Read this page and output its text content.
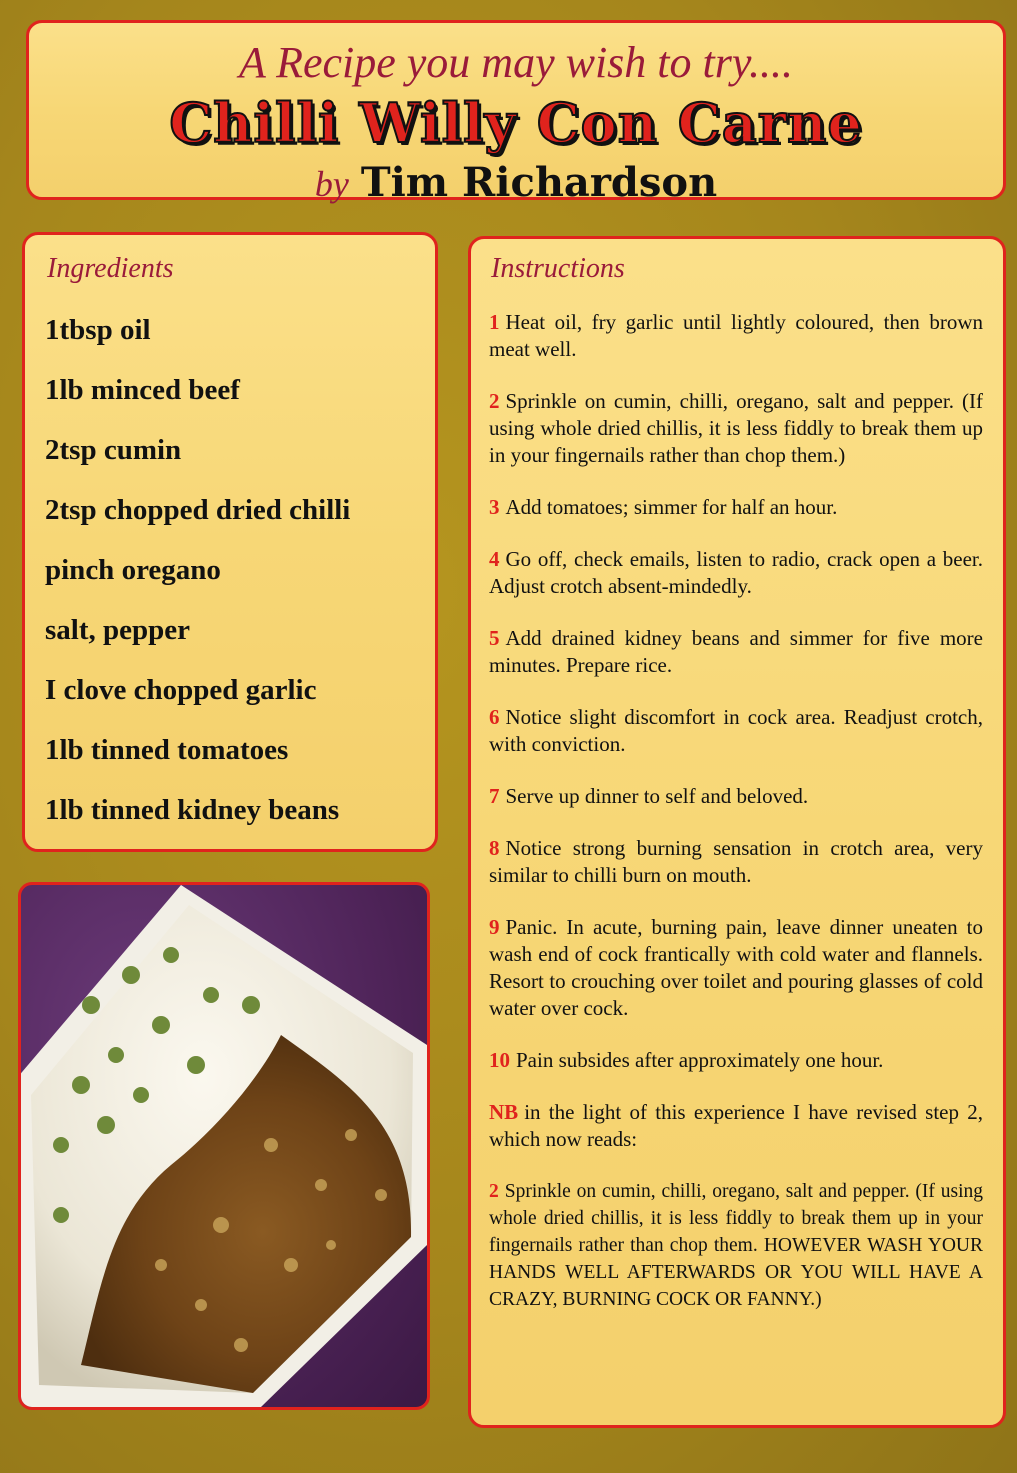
A Recipe you may wish to try....
Chilli Willy Con Carne
by Tim Richardson
Ingredients
1tbsp oil
1lb minced beef
2tsp cumin
2tsp chopped dried chilli
pinch oregano
salt, pepper
I clove chopped garlic
1lb tinned tomatoes
1lb tinned kidney beans
Instructions

1 Heat oil, fry garlic until lightly coloured, then brown meat well.

2 Sprinkle on cumin, chilli, oregano, salt and pepper. (If using whole dried chillis, it is less fiddly to break them up in your fingernails rather than chop them.)

3 Add tomatoes; simmer for half an hour.

4 Go off, check emails, listen to radio, crack open a beer. Adjust crotch absent-mindedly.

5 Add drained kidney beans and simmer for five more minutes. Prepare rice.

6 Notice slight discomfort in cock area. Readjust crotch, with conviction.

7 Serve up dinner to self and beloved.

8 Notice strong burning sensation in crotch area, very similar to chilli burn on mouth.

9 Panic. In acute, burning pain, leave dinner uneaten to wash end of cock frantically with cold water and flannels. Resort to crouching over toilet and pouring glasses of cold water over cock.

10 Pain subsides after approximately one hour.

NB in the light of this experience I have revised step 2, which now reads:

2 Sprinkle on cumin, chilli, oregano, salt and pepper. (If using whole dried chillis, it is less fiddly to break them up in your fingernails rather than chop them. HOWEVER WASH YOUR HANDS WELL AFTERWARDS OR YOU WILL HAVE A CRAZY, BURNING COCK OR FANNY.)
